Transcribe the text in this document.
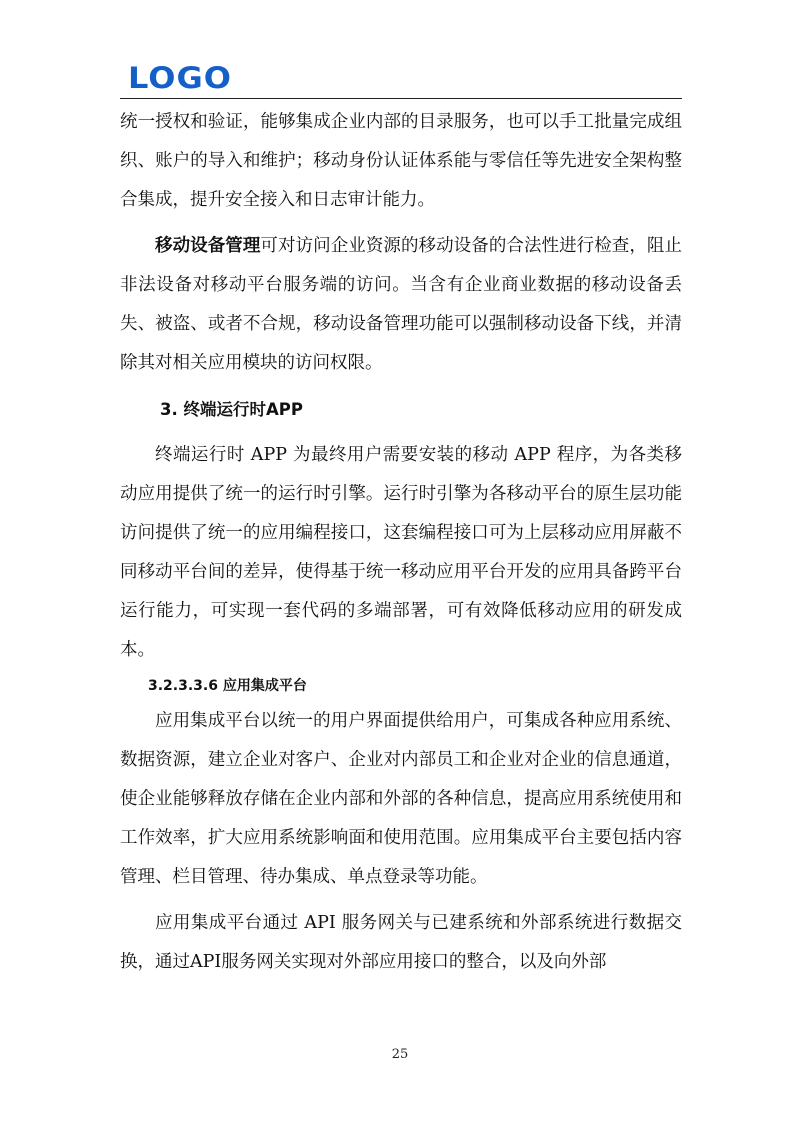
LOGO

统一授权和验证，能够集成企业内部的目录服务，也可以手工批量完成组织、账户的导入和维护；移动身份认证体系能与零信任等先进安全架构整合集成，提升安全接入和日志审计能力。

移动设备管理可对访问企业资源的移动设备的合法性进行检查，阻止非法设备对移动平台服务端的访问。当含有企业商业数据的移动设备丢失、被盗、或者不合规，移动设备管理功能可以强制移动设备下线，并清除其对相关应用模块的访问权限。

3. 终端运行时APP

终端运行时 APP 为最终用户需要安装的移动 APP 程序，为各类移动应用提供了统一的运行时引擎。运行时引擎为各移动平台的原生层功能访问提供了统一的应用编程接口，这套编程接口可为上层移动应用屏蔽不同移动平台间的差异，使得基于统一移动应用平台开发的应用具备跨平台运行能力，可实现一套代码的多端部署，可有效降低移动应用的研发成本。

3.2.3.3.6 应用集成平台

应用集成平台以统一的用户界面提供给用户，可集成各种应用系统、数据资源，建立企业对客户、企业对内部员工和企业对企业的信息通道，使企业能够释放存储在企业内部和外部的各种信息，提高应用系统使用和工作效率，扩大应用系统影响面和使用范围。应用集成平台主要包括内容管理、栏目管理、待办集成、单点登录等功能。

应用集成平台通过 API 服务网关与已建系统和外部系统进行数据交换，通过API服务网关实现对外部应用接口的整合，以及向外部

25
